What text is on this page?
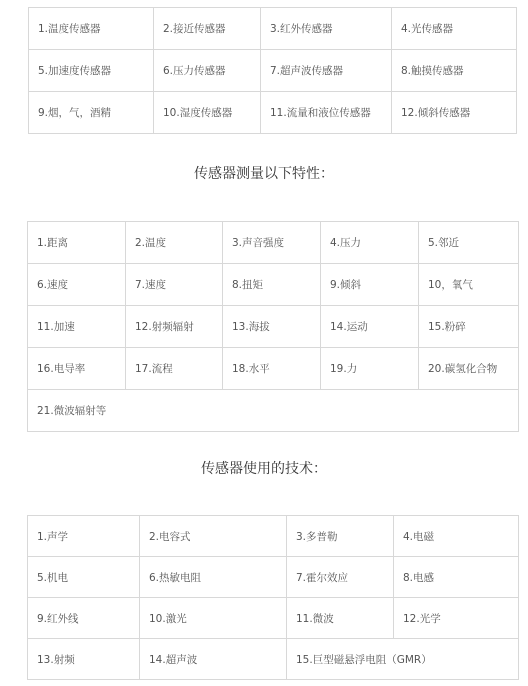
1.温度传感器	2.接近传感器	3.红外传感器	4.光传感器
5.加速度传感器	6.压力传感器	7.超声波传感器	8.触摸传感器
9.烟，气，酒精	10.湿度传感器	11.流量和液位传感器	12.倾斜传感器
传感器测量以下特性：
1.距离	2.温度	3.声音强度	4.压力	5.邻近
6.速度	7.速度	8.扭矩	9.倾斜	10，氧气
11.加速	12.射频辐射	13.海拔	14.运动	15.粉碎
16.电导率	17.流程	18.水平	19.力	20.碳氢化合物
21.微波辐射等				
传感器使用的技术：
1.声学	2.电容式	3.多普勒	4.电磁
5.机电	6.热敏电阻	7.霍尔效应	8.电感
9.红外线	10.激光	11.微波	12.光学
13.射频	14.超声波	15.巨型磁悬浮电阻（GMR）	
